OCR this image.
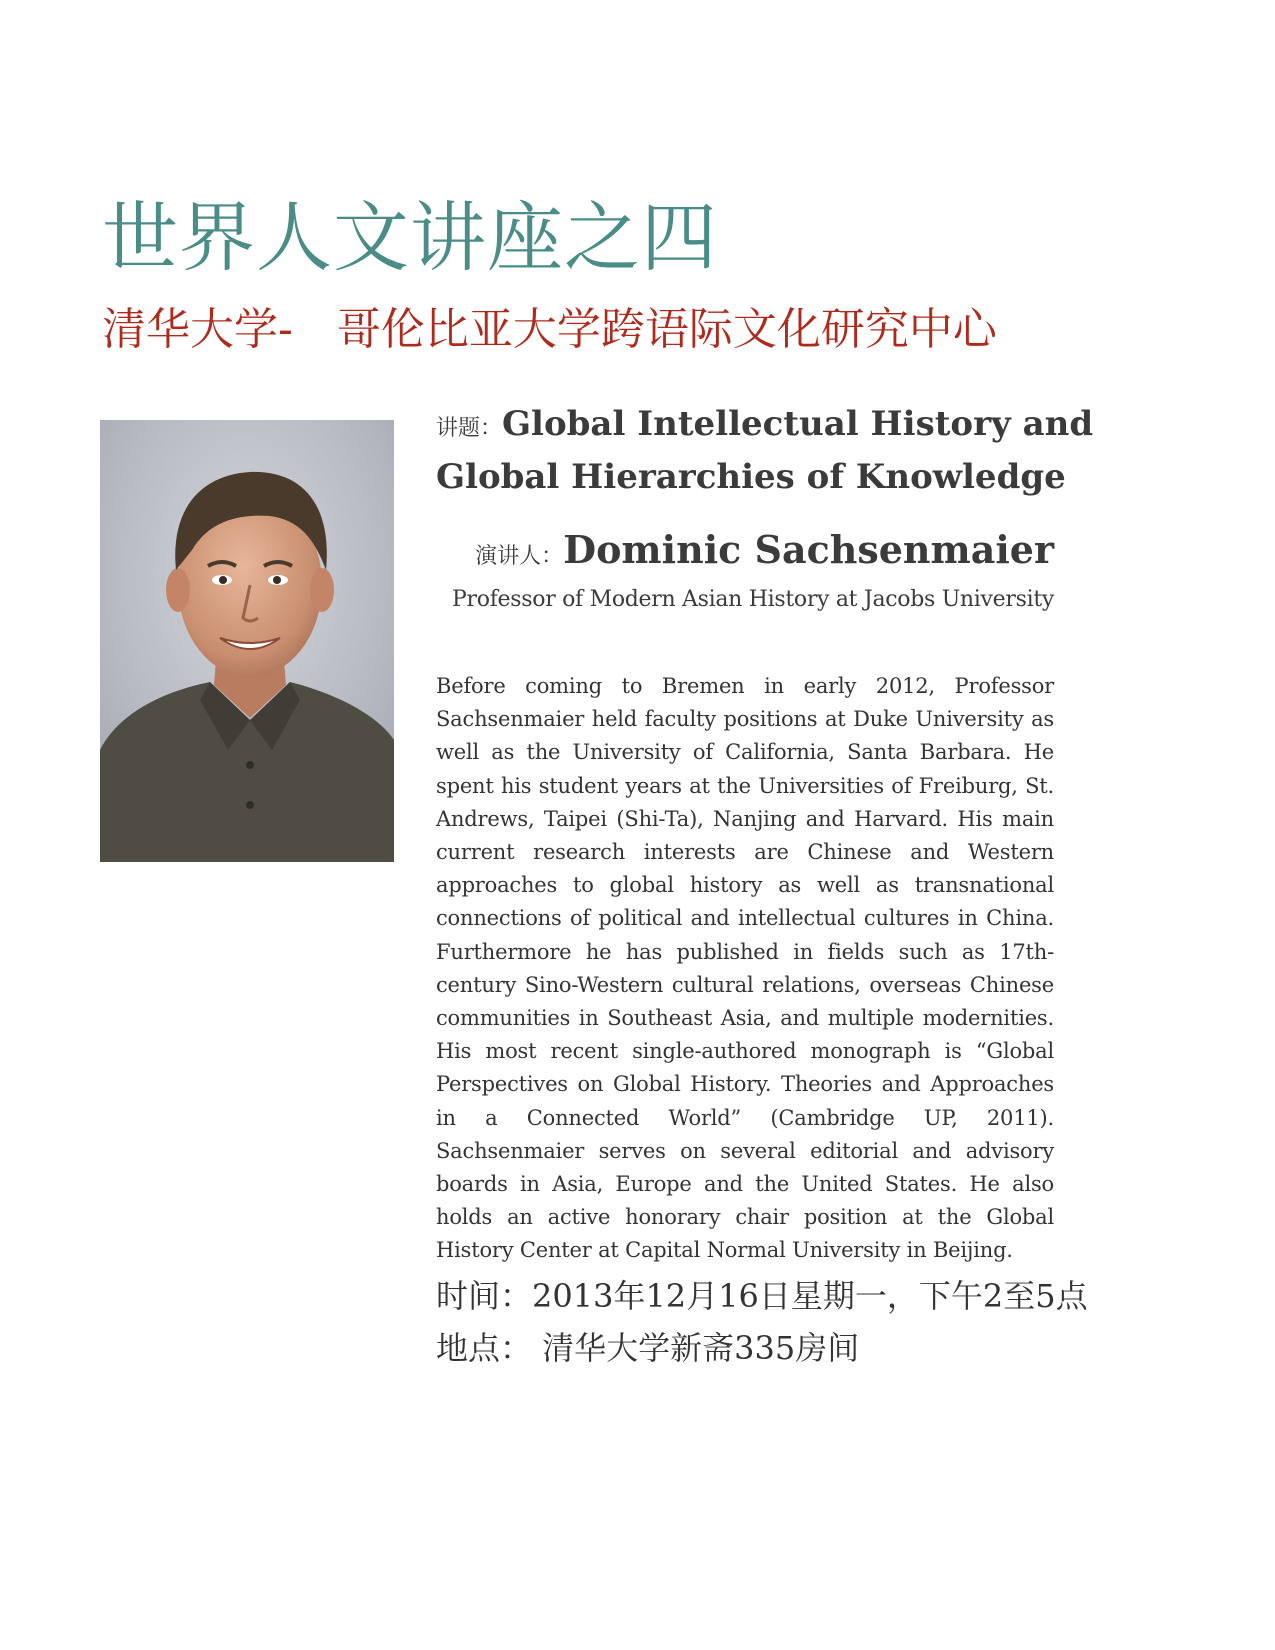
世界人文讲座之四
清华大学-　哥伦比亚大学跨语际文化研究中心
讲题：Global Intellectual History and
Global Hierarchies of Knowledge
演讲人：Dominic Sachsenmaier
Professor of Modern Asian History at Jacobs University
Before coming to Bremen in early 2012, Professor Sachsenmaier held faculty positions at Duke University as well as the University of California, Santa Barbara. He spent his student years at the Universities of Freiburg, St. Andrews, Taipei (Shi-Ta), Nanjing and Harvard. His main current research interests are Chinese and Western approaches to global history as well as transnational connections of political and intellectual cultures in China. Furthermore he has published in fields such as 17th-century Sino-Western cultural relations, overseas Chinese communities in Southeast Asia, and multiple modernities. His most recent single-authored monograph is “Global Perspectives on Global History. Theories and Approaches in a Connected World” (Cambridge UP, 2011). Sachsenmaier serves on several editorial and advisory boards in Asia, Europe and the United States. He also holds an active honorary chair position at the Global History Center at Capital Normal University in Beijing.
时间：2013年12月16日星期一，下午2至5点
地点： 清华大学新斋335房间
